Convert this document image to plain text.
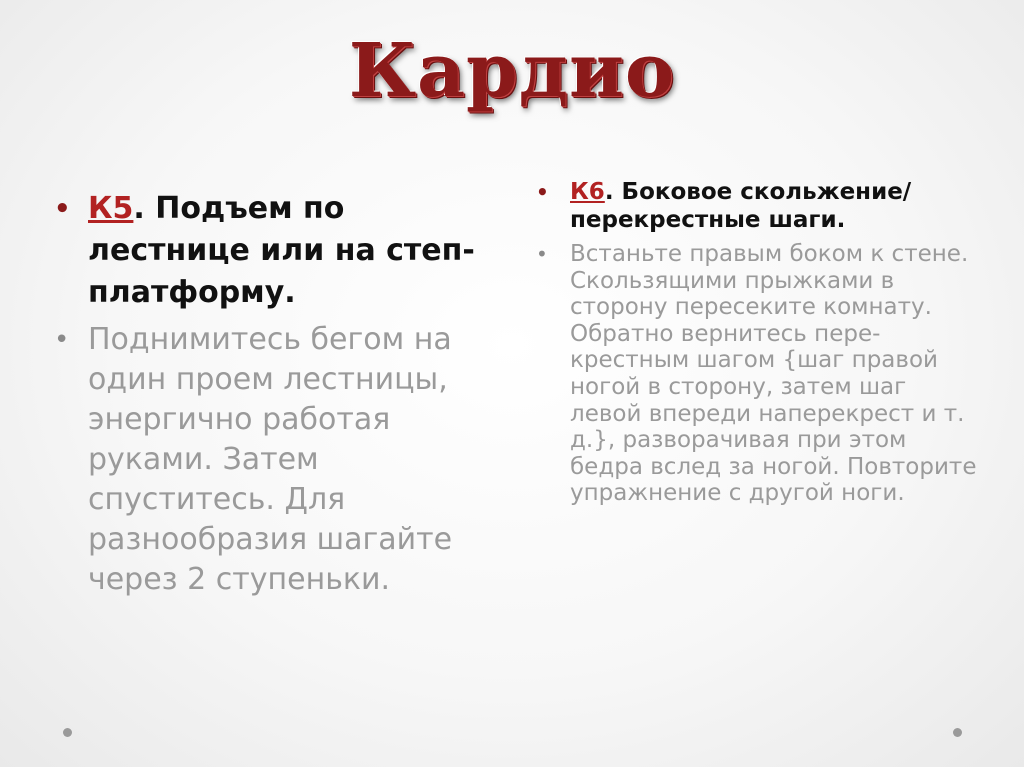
Кардио
• К5. Подъем по лестнице или на степ-платформу.
• Поднимитесь бегом на один проем лестницы, энергично работая руками. Затем спуститесь. Для разнообразия шагайте через 2 ступеньки.
• К6. Боковое скольжение/перекрестные шаги.
• Встаньте правым боком к стене. Скользящими прыжками в сторону пересеките комнату. Обратно вернитесь пере-крестным шагом {шаг правой ногой в сторону, затем шаг левой впереди наперекрест и т. д.}, разворачивая при этом бедра вслед за ногой. Повторите упражнение с другой ноги.
